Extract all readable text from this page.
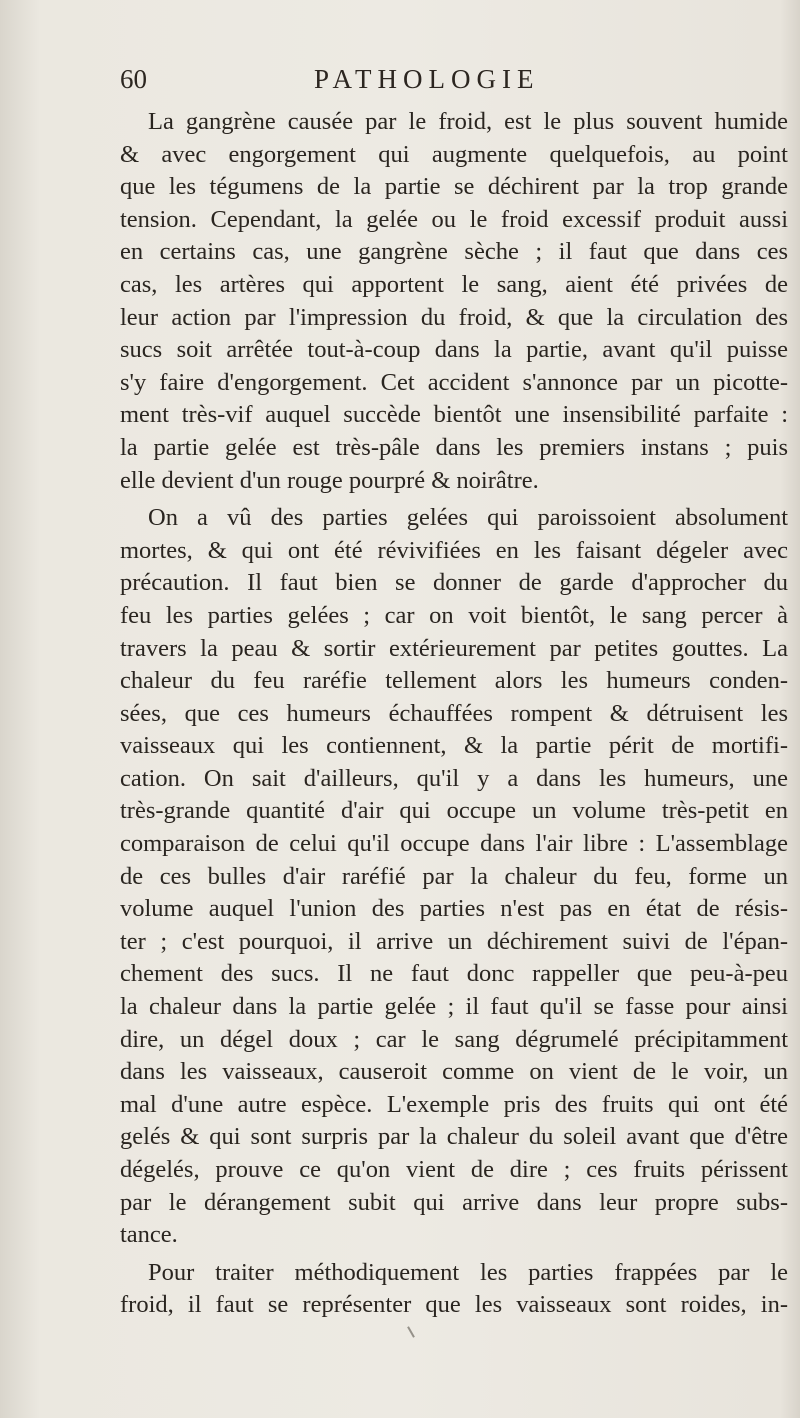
60	PATHOLOGIE
La gangrène causée par le froid, est le plus souvent humide
& avec engorgement qui augmente quelquefois, au point
que les tégumens de la partie se déchirent par la trop grande
tension. Cependant, la gelée ou le froid excessif produit aussi
en certains cas, une gangrène sèche ; il faut que dans ces
cas, les artères qui apportent le sang, aient été privées de
leur action par l'impression du froid, & que la circulation des
sucs soit arrêtée tout-à-coup dans la partie, avant qu'il puisse
s'y faire d'engorgement. Cet accident s'annonce par un picotte-
ment très-vif auquel succède bientôt une insensibilité parfaite :
la partie gelée est très-pâle dans les premiers instans ; puis
elle devient d'un rouge pourpré & noirâtre.
On a vû des parties gelées qui paroissoient absolument
mortes, & qui ont été révivifiées en les faisant dégeler avec
précaution. Il faut bien se donner de garde d'approcher du
feu les parties gelées ; car on voit bientôt, le sang percer à
travers la peau & sortir extérieurement par petites gouttes. La
chaleur du feu raréfie tellement alors les humeurs conden-
sées, que ces humeurs échauffées rompent & détruisent les
vaisseaux qui les contiennent, & la partie périt de mortifi-
cation. On sait d'ailleurs, qu'il y a dans les humeurs, une
très-grande quantité d'air qui occupe un volume très-petit en
comparaison de celui qu'il occupe dans l'air libre : L'assemblage
de ces bulles d'air raréfié par la chaleur du feu, forme un
volume auquel l'union des parties n'est pas en état de résis-
ter ; c'est pourquoi, il arrive un déchirement suivi de l'épan-
chement des sucs. Il ne faut donc rappeller que peu-à-peu
la chaleur dans la partie gelée ; il faut qu'il se fasse pour ainsi
dire, un dégel doux ; car le sang dégrumelé précipitamment
dans les vaisseaux, causeroit comme on vient de le voir, un
mal d'une autre espèce. L'exemple pris des fruits qui ont été
gelés & qui sont surpris par la chaleur du soleil avant que d'être
dégelés, prouve ce qu'on vient de dire ; ces fruits périssent
par le dérangement subit qui arrive dans leur propre subs-
tance.
Pour traiter méthodiquement les parties frappées par le
froid, il faut se représenter que les vaisseaux sont roides, in-
